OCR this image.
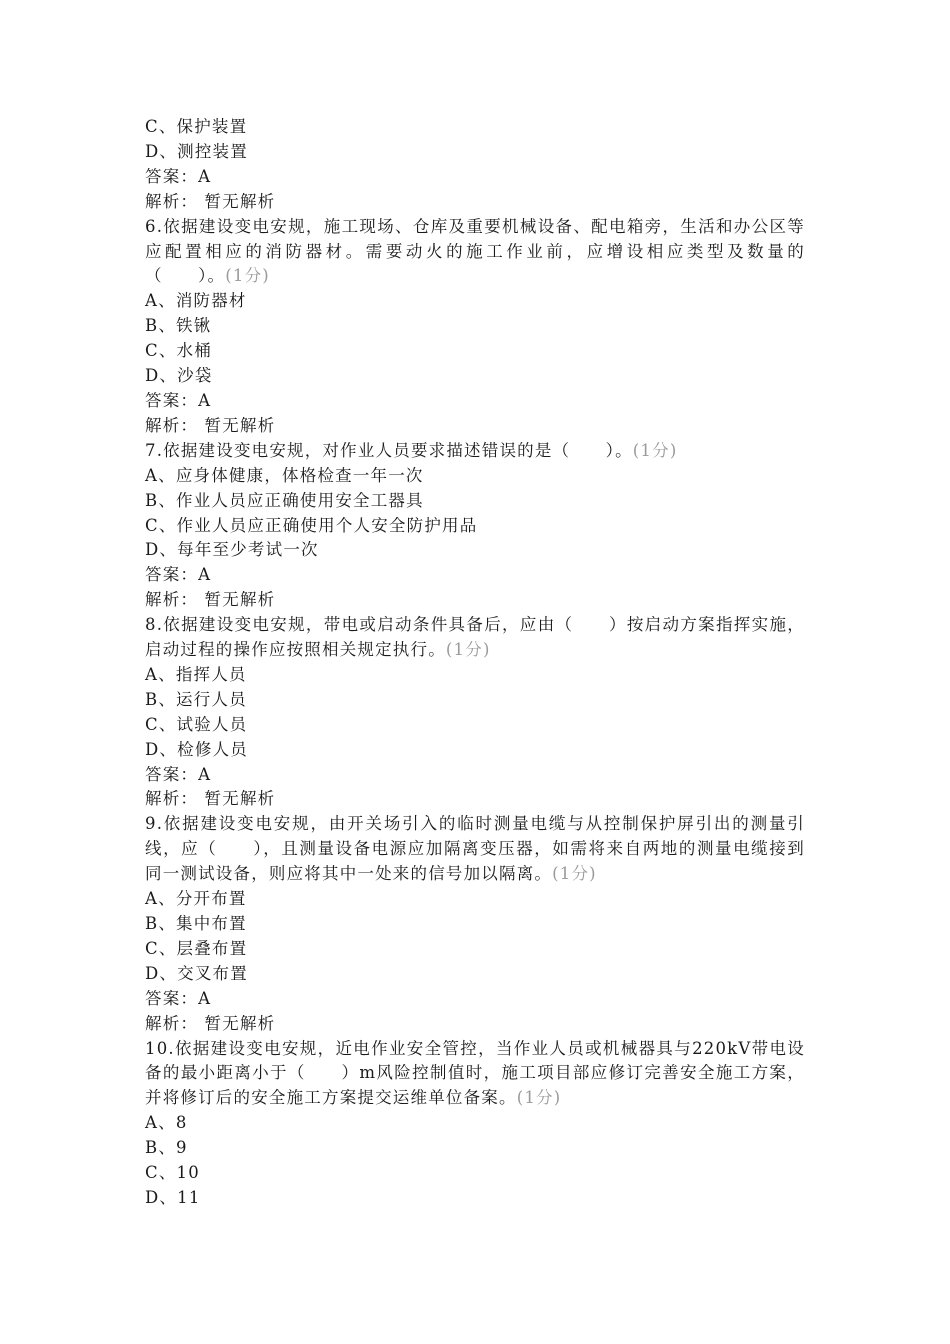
C、保护装置
D、测控装置
答案：A
解析： 暂无解析

6.依据建设变电安规，施工现场、仓库及重要机械设备、配电箱旁，生活和办公区等应配置相应的消防器材。需要动火的施工作业前，应增设相应类型及数量的（　　）。(1分)

A、消防器材
B、铁锹
C、水桶
D、沙袋
答案：A
解析： 暂无解析

7.依据建设变电安规，对作业人员要求描述错误的是（　　）。(1分)

A、应身体健康，体格检查一年一次
B、作业人员应正确使用安全工器具
C、作业人员应正确使用个人安全防护用品
D、每年至少考试一次
答案：A
解析： 暂无解析

8.依据建设变电安规，带电或启动条件具备后，应由（　　）按启动方案指挥实施，启动过程的操作应按照相关规定执行。(1分)

A、指挥人员
B、运行人员
C、试验人员
D、检修人员
答案：A
解析： 暂无解析

9.依据建设变电安规，由开关场引入的临时测量电缆与从控制保护屏引出的测量引线，应（　　），且测量设备电源应加隔离变压器，如需将来自两地的测量电缆接到同一测试设备，则应将其中一处来的信号加以隔离。(1分)

A、分开布置
B、集中布置
C、层叠布置
D、交叉布置
答案：A
解析： 暂无解析

10.依据建设变电安规，近电作业安全管控，当作业人员或机械器具与220kV带电设备的最小距离小于（　　）m风险控制值时，施工项目部应修订完善安全施工方案，并将修订后的安全施工方案提交运维单位备案。(1分)

A、8
B、9
C、10
D、11
